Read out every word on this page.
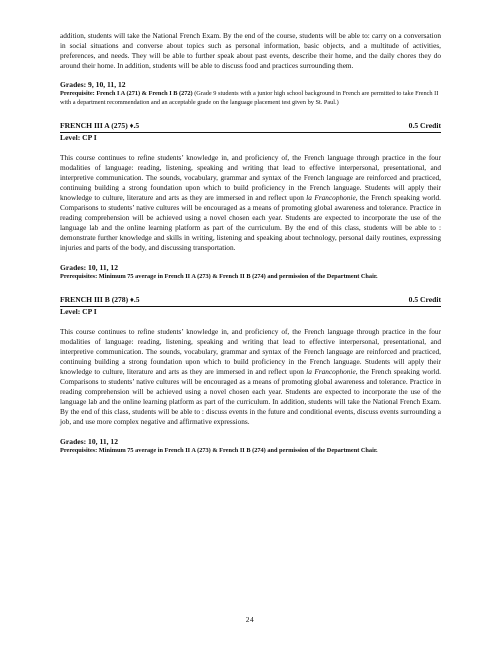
addition, students will take the National French Exam. By the end of the course, students will be able to: carry on a conversation in social situations and converse about topics such as personal information, basic objects, and a multitude of activities, preferences, and needs. They will be able to further speak about past events, describe their home, and the daily chores they do around their home. In addition, students will be able to discuss food and practices surrounding them.

Grades: 9, 10, 11, 12
Prerequisite: French I A (271) & French I B (272) (Grade 9 students with a junior high school background in French are permitted to take French II with a department recommendation and an acceptable grade on the language placement test given by St. Paul.)
FRENCH III A (275) ♦.5	0.5 Credit
Level: CP I

This course continues to refine students’ knowledge in, and proficiency of, the French language through practice in the four modalities of language: reading, listening, speaking and writing that lead to effective interpersonal, presentational, and interpretive communication. The sounds, vocabulary, grammar and syntax of the French language are reinforced and practiced, continuing building a strong foundation upon which to build proficiency in the French language. Students will apply their knowledge to culture, literature and arts as they are immersed in and reflect upon la Francophonie, the French speaking world. Comparisons to students’ native cultures will be encouraged as a means of promoting global awareness and tolerance. Practice in reading comprehension will be achieved using a novel chosen each year. Students are expected to incorporate the use of the language lab and the online learning platform as part of the curriculum. By the end of this class, students will be able to : demonstrate further knowledge and skills in writing, listening and speaking about technology, personal daily routines, expressing injuries and parts of the body, and discussing transportation.

Grades: 10, 11, 12
Prerequisites: Minimum 75 average in French II A (273) & French II B (274) and permission of the Department Chair.
FRENCH III B (278) ♦.5	0.5 Credit
Level: CP I

This course continues to refine students’ knowledge in, and proficiency of, the French language through practice in the four modalities of language: reading, listening, speaking and writing that lead to effective interpersonal, presentational, and interpretive communication. The sounds, vocabulary, grammar and syntax of the French language are reinforced and practiced, continuing building a strong foundation upon which to build proficiency in the French language. Students will apply their knowledge to culture, literature and arts as they are immersed in and reflect upon la Francophonie, the French speaking world. Comparisons to students’ native cultures will be encouraged as a means of promoting global awareness and tolerance. Practice in reading comprehension will be achieved using a novel chosen each year. Students are expected to incorporate the use of the language lab and the online learning platform as part of the curriculum. In addition, students will take the National French Exam. By the end of this class, students will be able to : discuss events in the future and conditional events, discuss events surrounding a job, and use more complex negative and affirmative expressions.

Grades: 10, 11, 12
Prerequisites: Minimum 75 average in French II A (273) & French II B (274) and permission of the Department Chair.
24
